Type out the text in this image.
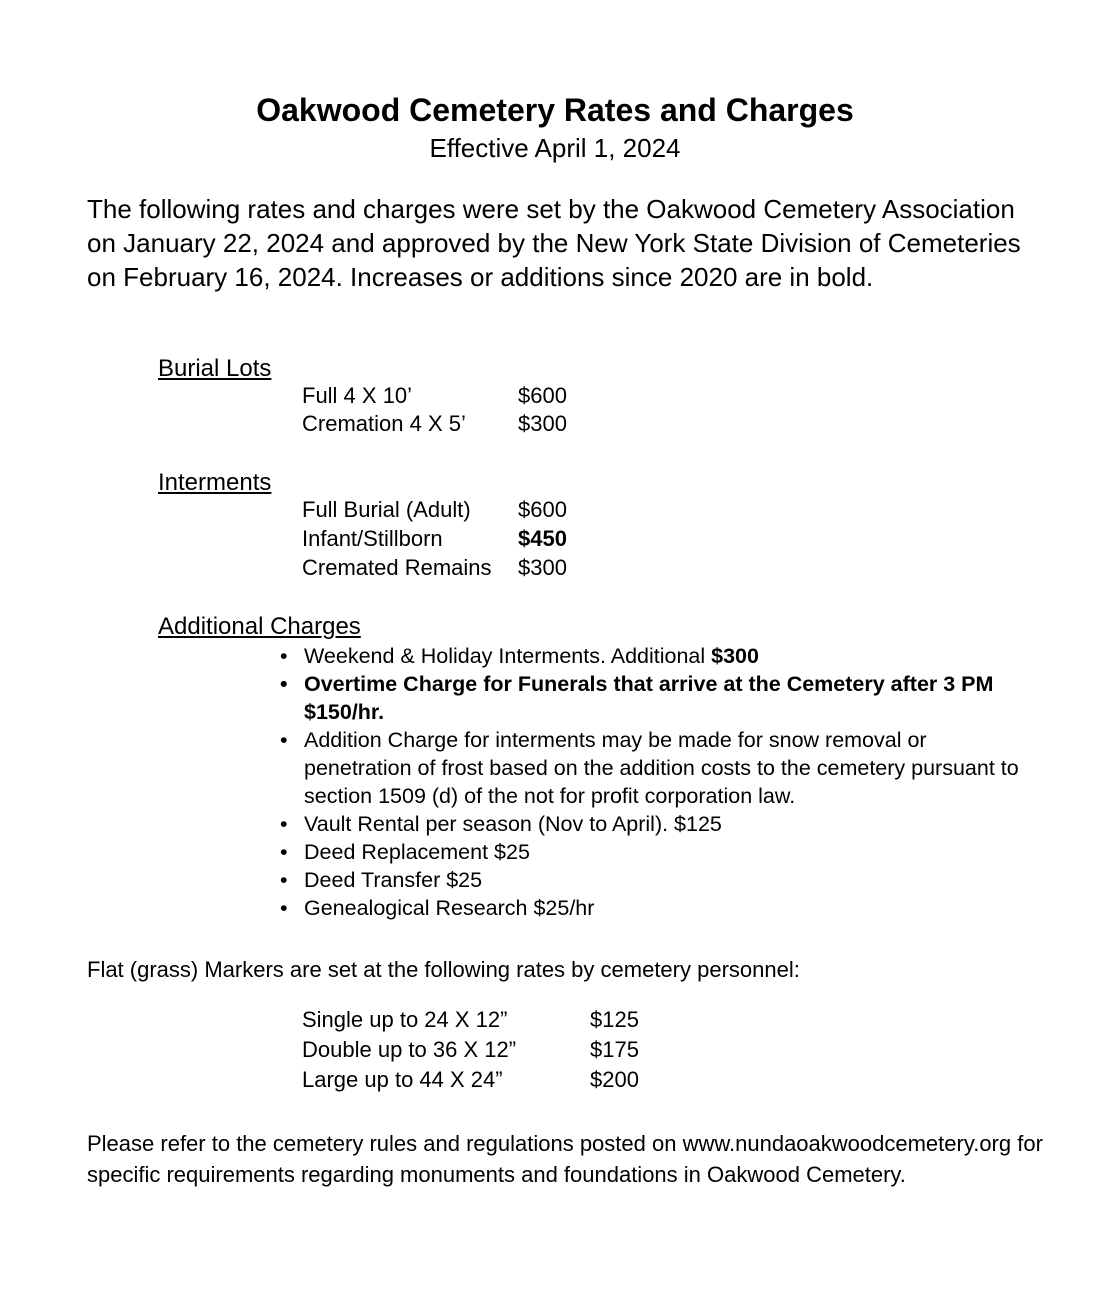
Oakwood Cemetery Rates and Charges
Effective April 1, 2024
The following rates and charges were set by the Oakwood Cemetery Association on January 22, 2024 and approved by the New York State Division of Cemeteries on February 16, 2024. Increases or additions since 2020 are in bold.
Burial Lots
Full 4 X 10’	$600
Cremation 4 X 5’	$300
Interments
Full Burial (Adult)	$600
Infant/Stillborn	$450
Cremated Remains	$300
Additional Charges
• Weekend & Holiday Interments. Additional $300
• Overtime Charge for Funerals that arrive at the Cemetery after 3 PM $150/hr.
• Addition Charge for interments may be made for snow removal or penetration of frost based on the addition costs to the cemetery pursuant to section 1509 (d) of the not for profit corporation law.
• Vault Rental per season (Nov to April). $125
• Deed Replacement $25
• Deed Transfer $25
• Genealogical Research $25/hr
Flat (grass) Markers are set at the following rates by cemetery personnel:
Single up to 24 X 12”	$125
Double up to 36 X 12”	$175
Large up to 44 X 24”	$200
Please refer to the cemetery rules and regulations posted on www.nundaoakwoodcemetery.org for specific requirements regarding monuments and foundations in Oakwood Cemetery.
